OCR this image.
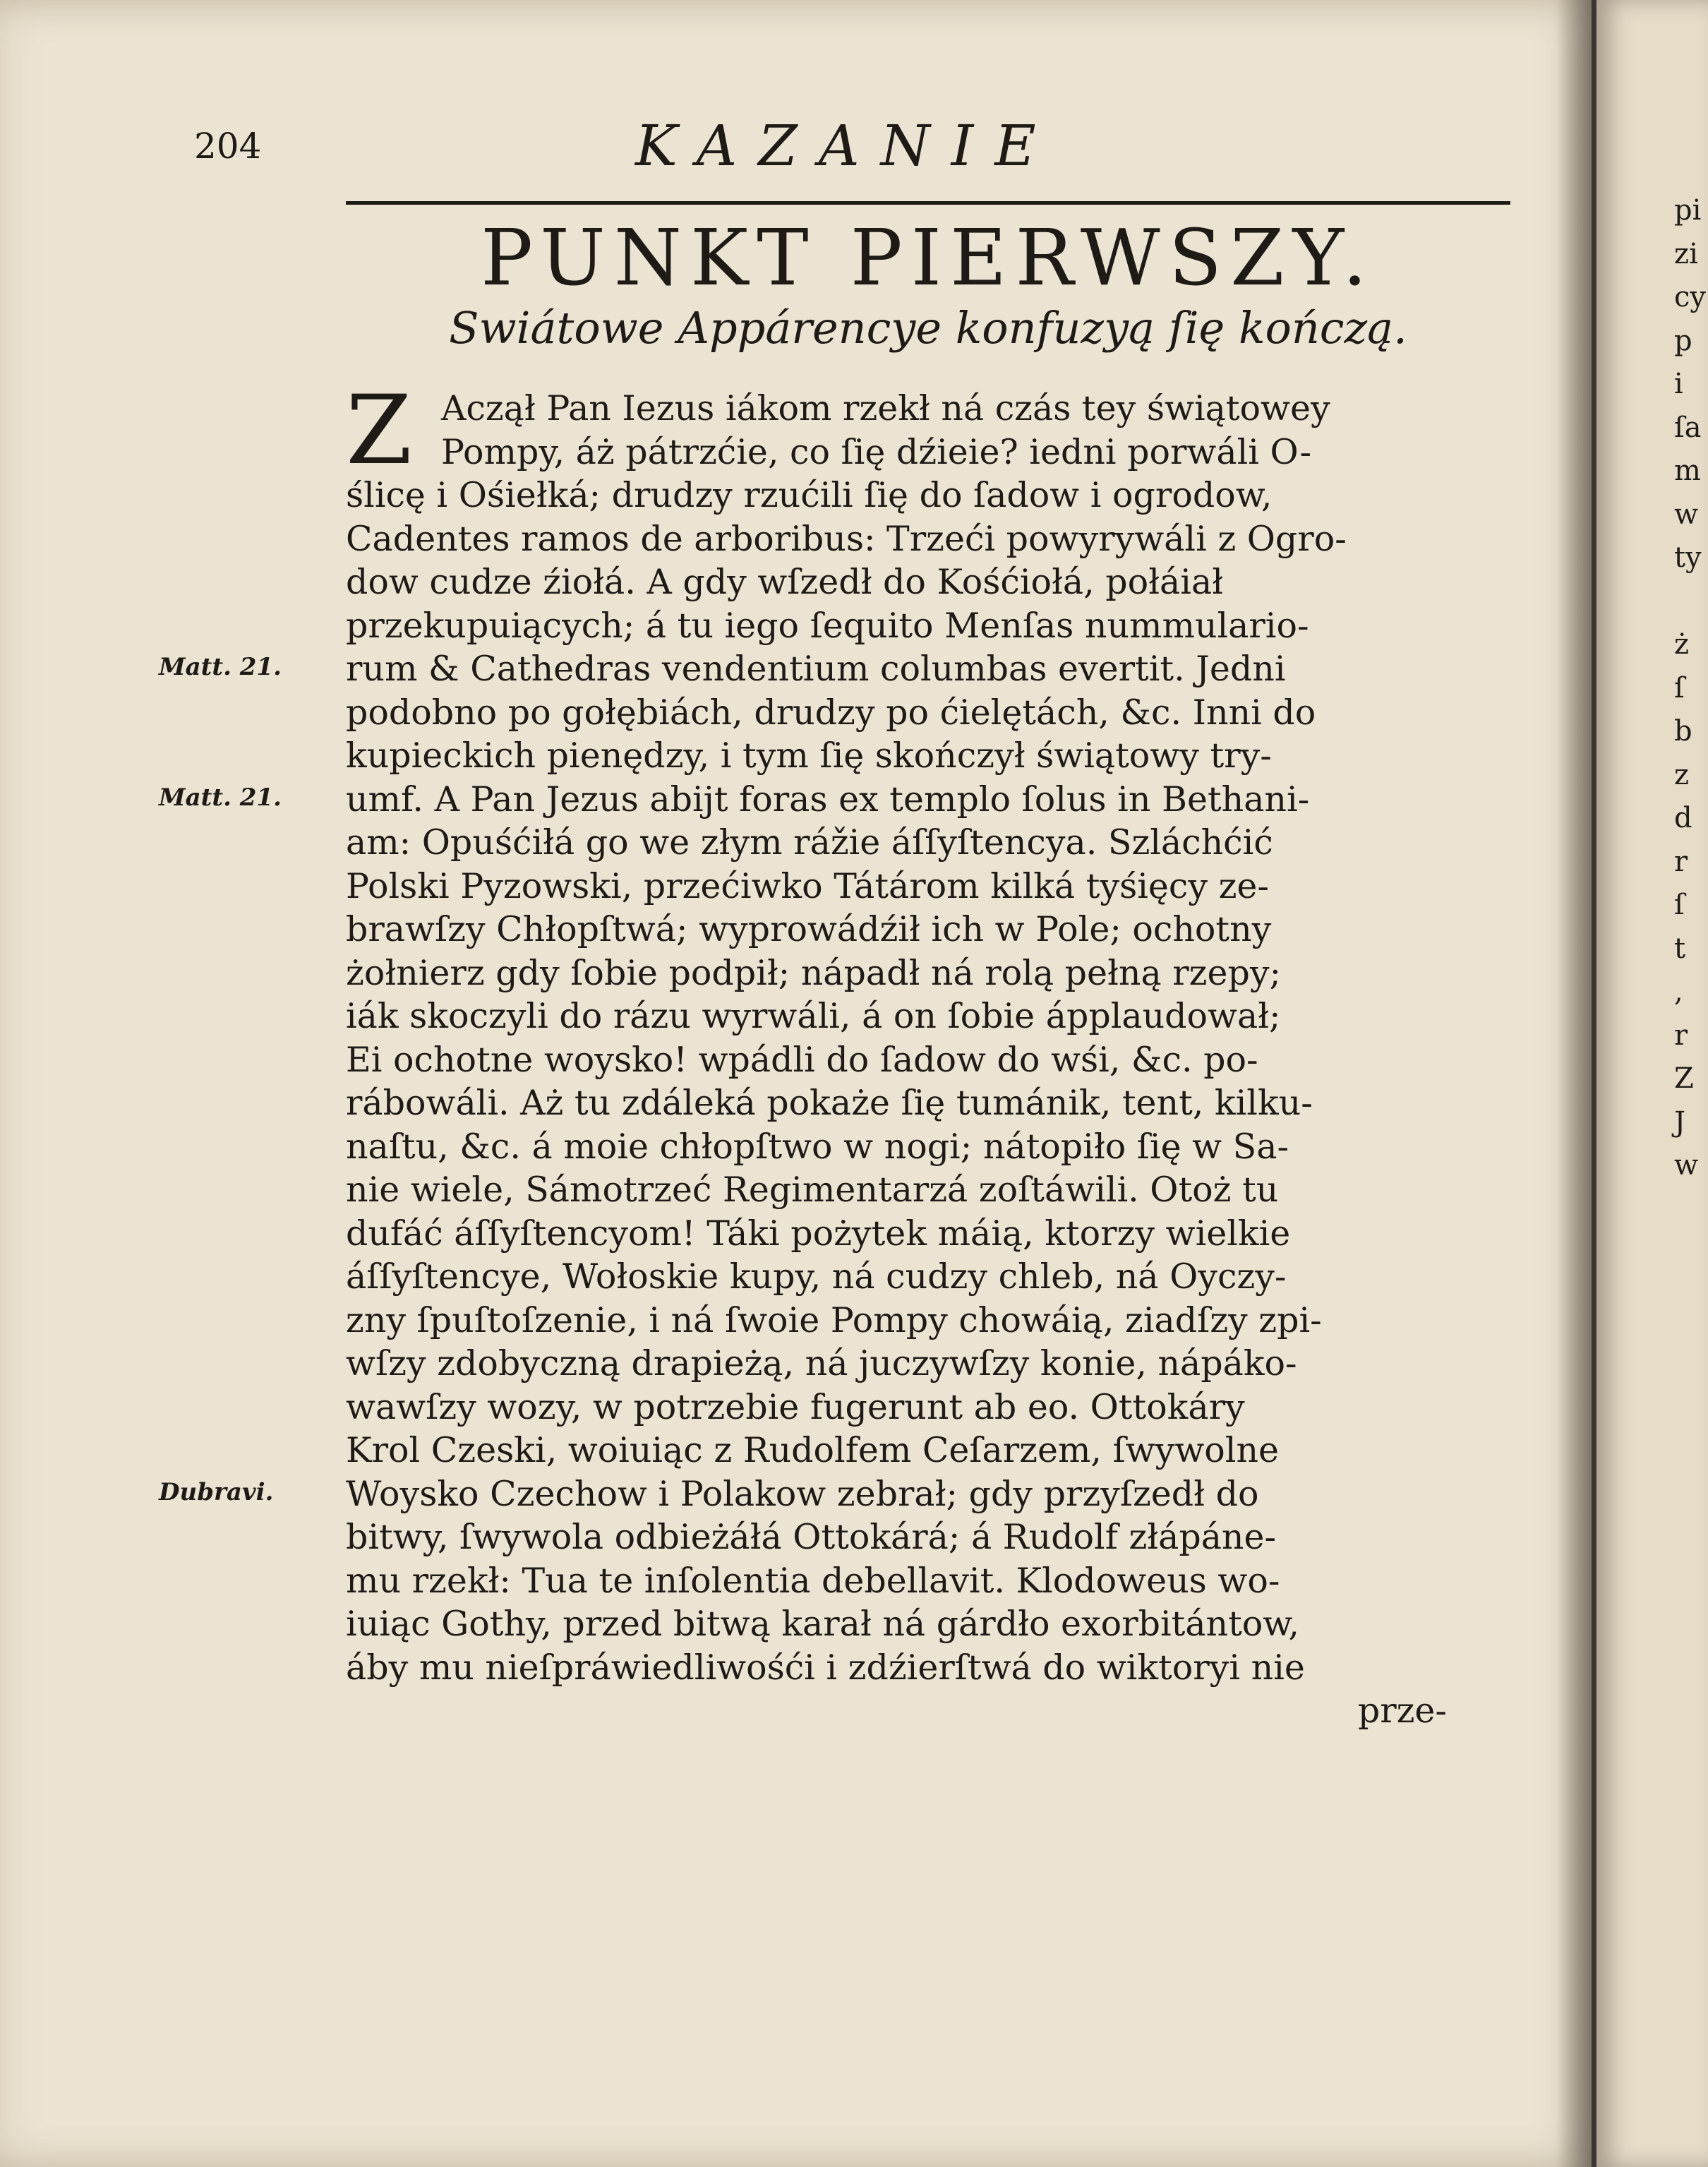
204	KAZANIE
PUNKT PIERWSZY.
Swiátowe Appárencye konfuzyą ſię kończą.
Z Aczął Pan Iezus iákom rzekł ná czás tey świątowey
Pompy, áż pátrzćie, co ſię dźieie? iedni porwáli O-
ślicę i Ośiełká; drudzy rzućili ſię do ſadow i ogrodow,
Cadentes ramos de arboribus: Trzeći powyrywáli z Ogro-
dow cudze źiołá. A gdy wſzedł do Kośćiołá, połáiał
przekupuiących; á tu iego ſequito Menſas nummulario-
rum & Cathedras vendentium columbas evertit. Jedni
podobno po gołębiách, drudzy po ćielętách, &c. Inni do
kupieckich pienędzy, i tym ſię skończył świątowy try-
umf. A Pan Jezus abijt foras ex templo ſolus in Bethani-
am: Opuśćiłá go we złym rážie áſſyſtencya. Szláchćić
Polski Pyzowski, przećiwko Tátárom kilká tyśięcy ze-
brawſzy Chłopſtwá; wyprowádźił ich w Pole; ochotny
żołnierz gdy ſobie podpił; nápadł ná rolą pełną rzepy;
iák skoczyli do rázu wyrwáli, á on ſobie ápplaudował;
Ei ochotne woysko! wpádli do ſadow do wśi, &c. po-
rábowáli. Aż tu zdáleká pokaże ſię tumánik, tent, kilku-
naſtu, &c. á moie chłopſtwo w nogi; nátopiło ſię w Sa-
nie wiele, Sámotrzeć Regimentarzá zoſtáwili. Otoż tu
dufáć áſſyſtencyom! Táki pożytek máią, ktorzy wielkie
áſſyſtencye, Wołoskie kupy, ná cudzy chleb, ná Oyczy-
zny ſpuſtoſzenie, i ná ſwoie Pompy chowáią, ziadſzy zpi-
wſzy zdobyczną drapieżą, ná juczywſzy konie, nápáko-
wawſzy wozy, w potrzebie fugerunt ab eo. Ottokáry
Krol Czeski, woiuiąc z Rudolfem Ceſarzem, ſwywolne
Woysko Czechow i Polakow zebrał; gdy przyſzedł do
bitwy, ſwywola odbieżáłá Ottokárá; á Rudolf złápáne-
mu rzekł: Tua te inſolentia debellavit. Klodoweus wo-
iuiąc Gothy, przed bitwą karał ná gárdło exorbitántow,
áby mu nieſpráwiedliwośći i zdźierſtwá do wiktoryi nie
prze-
Matt. 21.
Matt. 21.
Dubravi.
pi
zi
cy
p
i
ſa
m
w
ty
ż
ſ
b
z
d
r
ſ
t
,
r
Z
J
w
